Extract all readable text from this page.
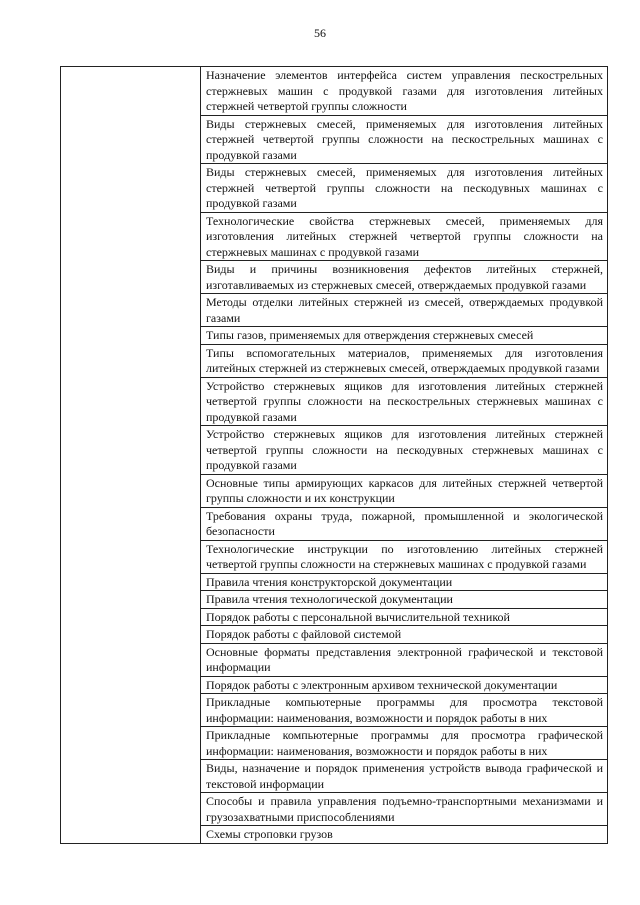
56

Назначение элементов интерфейса систем управления пескострельных стержневых машин с продувкой газами для изготовления литейных стержней четвертой группы сложности

Виды стержневых смесей, применяемых для изготовления литейных стержней четвертой группы сложности на пескострельных машинах с продувкой газами

Виды стержневых смесей, применяемых для изготовления литейных стержней четвертой группы сложности на пескодувных машинах с продувкой газами

Технологические свойства стержневых смесей, применяемых для изготовления литейных стержней четвертой группы сложности на стержневых машинах с продувкой газами

Виды и причины возникновения дефектов литейных стержней, изготавливаемых из стержневых смесей, отверждаемых продувкой газами

Методы отделки литейных стержней из смесей, отверждаемых продувкой газами

Типы газов, применяемых для отверждения стержневых смесей

Типы вспомогательных материалов, применяемых для изготовления литейных стержней из стержневых смесей, отверждаемых продувкой газами

Устройство стержневых ящиков для изготовления литейных стержней четвертой группы сложности на пескострельных стержневых машинах с продувкой газами

Устройство стержневых ящиков для изготовления литейных стержней четвертой группы сложности на пескодувных стержневых машинах с продувкой газами

Основные типы армирующих каркасов для литейных стержней четвертой группы сложности и их конструкции

Требования охраны труда, пожарной, промышленной и экологической безопасности

Технологические инструкции по изготовлению литейных стержней четвертой группы сложности на стержневых машинах с продувкой газами

Правила чтения конструкторской документации

Правила чтения технологической документации

Порядок работы с персональной вычислительной техникой

Порядок работы с файловой системой

Основные форматы представления электронной графической и текстовой информации

Порядок работы с электронным архивом технической документации

Прикладные компьютерные программы для просмотра текстовой информации: наименования, возможности и порядок работы в них

Прикладные компьютерные программы для просмотра графической информации: наименования, возможности и порядок работы в них

Виды, назначение и порядок применения устройств вывода графической и текстовой информации

Способы и правила управления подъемно-транспортными механизмами и грузозахватными приспособлениями

Схемы строповки грузов
